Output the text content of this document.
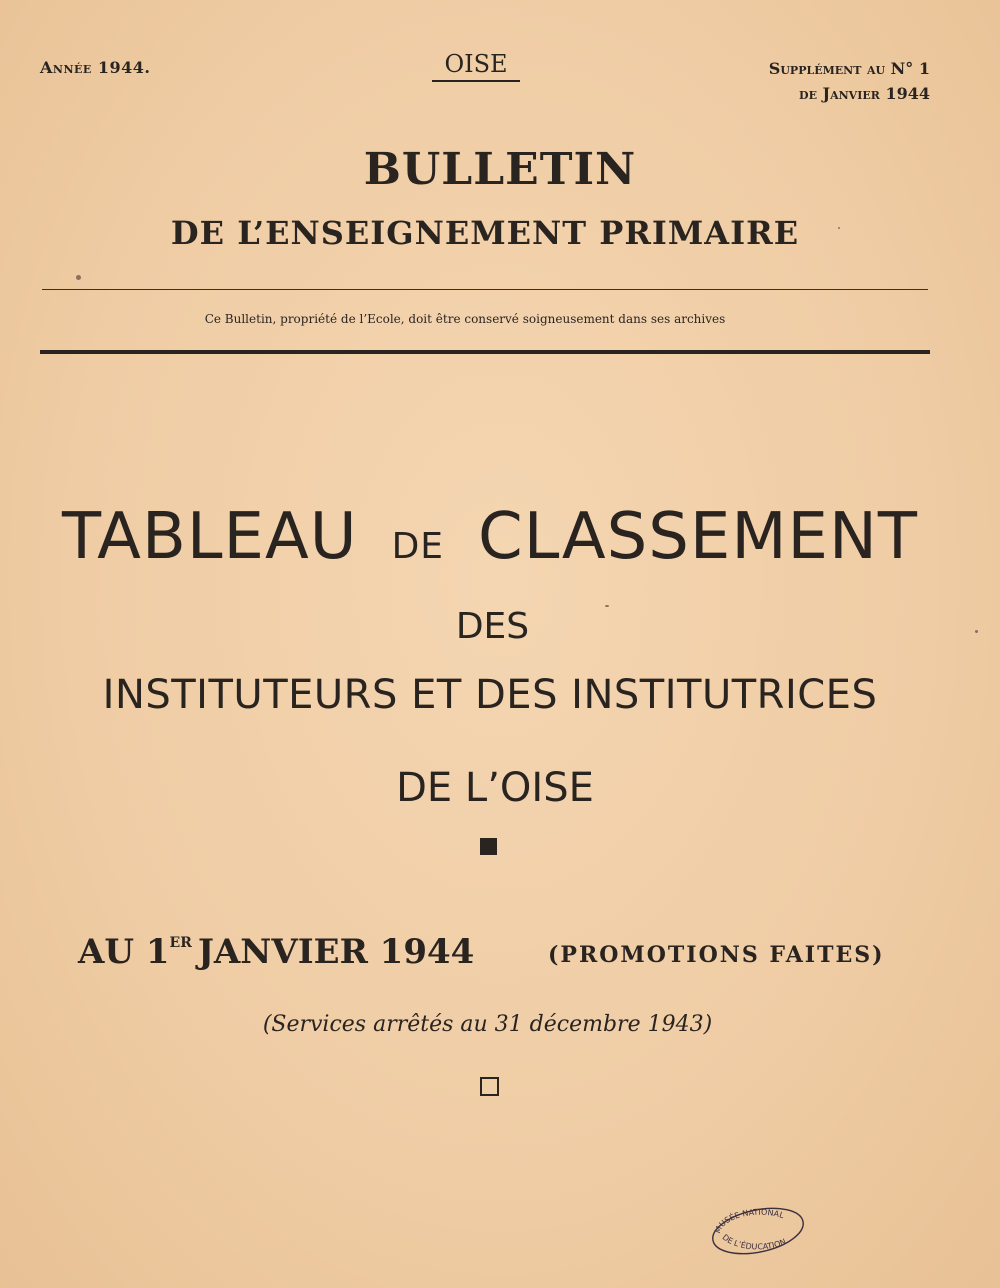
Année 1944.	OISE	Supplément au N° 1
de Janvier 1944
BULLETIN
DE L’ENSEIGNEMENT PRIMAIRE
Ce Bulletin, propriété de l’Ecole, doit être conservé soigneusement dans ses archives
TABLEAU DE CLASSEMENT
DES
INSTITUTEURS ET DES INSTITUTRICES
DE L’OISE
AU 1ER JANVIER 1944	(PROMOTIONS FAITES)
(Services arrêtés au 31 décembre 1943)
MUSÉE NATIONAL
DE L’ÉDUCATION
